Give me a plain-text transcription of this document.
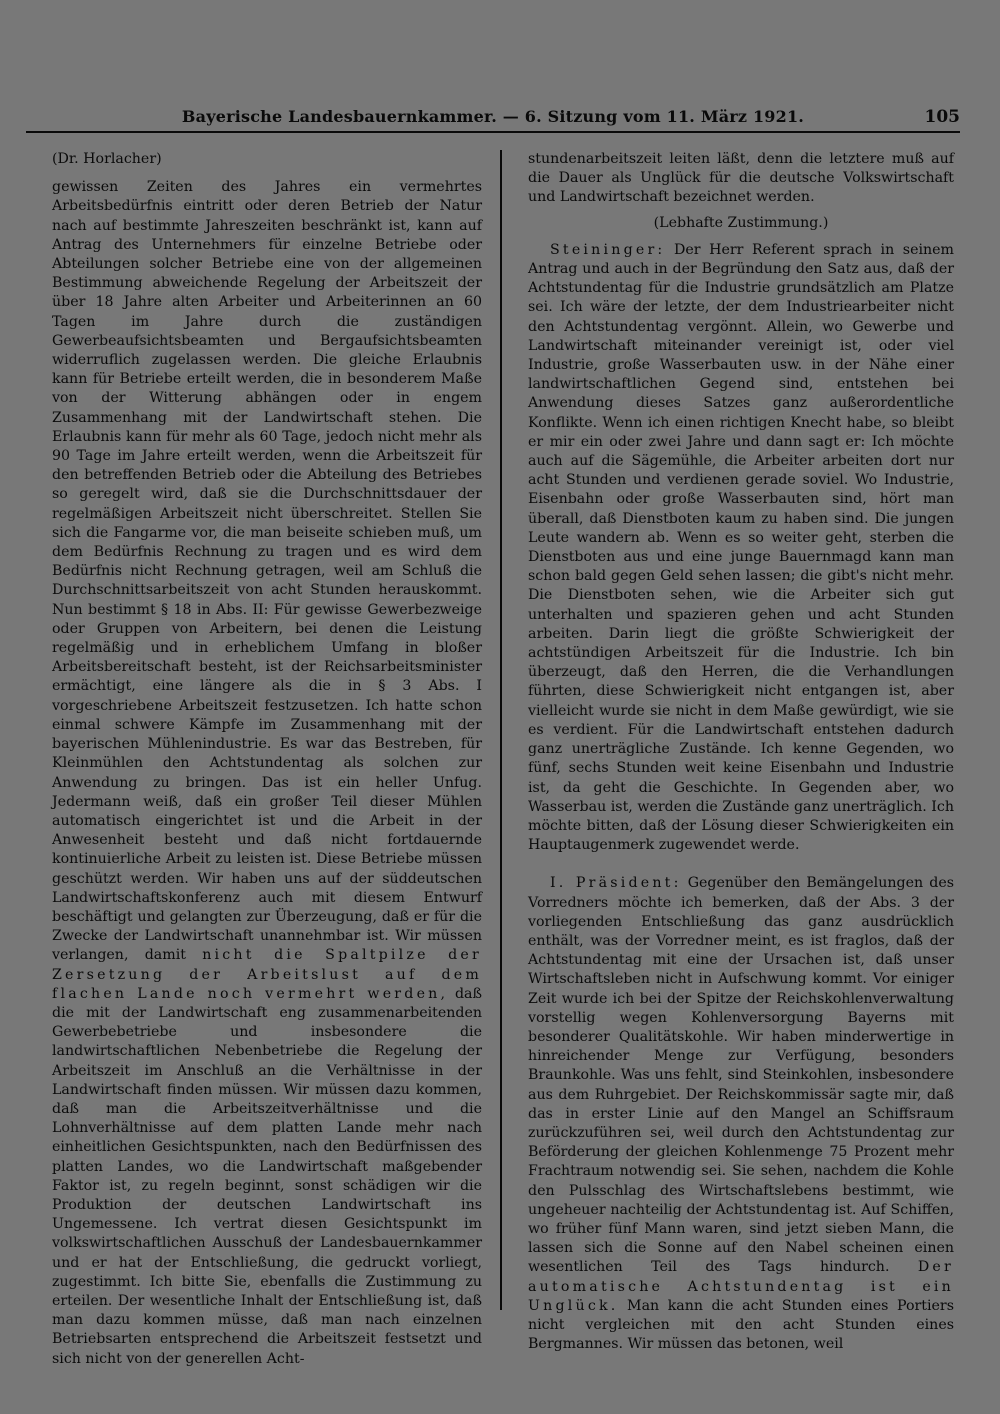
Bayerische Landesbauernkammer. — 6. Sitzung vom 11. März 1921.	105

(Dr. Horlacher)

gewissen Zeiten des Jahres ein vermehrtes Arbeitsbedürfnis eintritt oder deren Betrieb der Natur nach auf bestimmte Jahreszeiten beschränkt ist, kann auf Antrag des Unternehmers für einzelne Betriebe oder Abteilungen solcher Betriebe eine von der allgemeinen Bestimmung abweichende Regelung der Arbeitszeit der über 18 Jahre alten Arbeiter und Arbeiterinnen an 60 Tagen im Jahre durch die zuständigen Gewerbeaufsichtsbeamten und Bergaufsichtsbeamten widerruflich zugelassen werden. Die gleiche Erlaubnis kann für Betriebe erteilt werden, die in besonderem Maße von der Witterung abhängen oder in engem Zusammenhang mit der Landwirtschaft stehen. Die Erlaubnis kann für mehr als 60 Tage, jedoch nicht mehr als 90 Tage im Jahre erteilt werden, wenn die Arbeitszeit für den betreffenden Betrieb oder die Abteilung des Betriebes so geregelt wird, daß sie die Durchschnittsdauer der regelmäßigen Arbeitszeit nicht überschreitet. Stellen Sie sich die Fangarme vor, die man beiseite schieben muß, um dem Bedürfnis Rechnung zu tragen und es wird dem Bedürfnis nicht Rechnung getragen, weil am Schluß die Durchschnittsarbeitszeit von acht Stunden herauskommt. Nun bestimmt § 18 in Abs. II: Für gewisse Gewerbezweige oder Gruppen von Arbeitern, bei denen die Leistung regelmäßig und in erheblichem Umfang in bloßer Arbeitsbereitschaft besteht, ist der Reichsarbeitsminister ermächtigt, eine längere als die in § 3 Abs. I vorgeschriebene Arbeitszeit festzusetzen. Ich hatte schon einmal schwere Kämpfe im Zusammenhang mit der bayerischen Mühlenindustrie. Es war das Bestreben, für Kleinmühlen den Achtstundentag als solchen zur Anwendung zu bringen. Das ist ein heller Unfug. Jedermann weiß, daß ein großer Teil dieser Mühlen automatisch eingerichtet ist und die Arbeit in der Anwesenheit besteht und daß nicht fortdauernde kontinuierliche Arbeit zu leisten ist. Diese Betriebe müssen geschützt werden. Wir haben uns auf der süddeutschen Landwirtschaftskonferenz auch mit diesem Entwurf beschäftigt und gelangten zur Überzeugung, daß er für die Zwecke der Landwirtschaft unannehmbar ist. Wir müssen verlangen, damit nicht die Spaltpilze der Zersetzung der Arbeitslust auf dem flachen Lande noch vermehrt werden, daß die mit der Landwirtschaft eng zusammenarbeitenden Gewerbebetriebe und insbesondere die landwirtschaftlichen Nebenbetriebe die Regelung der Arbeitszeit im Anschluß an die Verhältnisse in der Landwirtschaft finden müssen. Wir müssen dazu kommen, daß man die Arbeitszeitverhältnisse und die Lohnverhältnisse auf dem platten Lande mehr nach einheitlichen Gesichtspunkten, nach den Bedürfnissen des platten Landes, wo die Landwirtschaft maßgebender Faktor ist, zu regeln beginnt, sonst schädigen wir die Produktion der deutschen Landwirtschaft ins Ungemessene. Ich vertrat diesen Gesichtspunkt im volkswirtschaftlichen Ausschuß der Landesbauernkammer und er hat der Entschließung, die gedruckt vorliegt, zugestimmt. Ich bitte Sie, ebenfalls die Zustimmung zu erteilen. Der wesentliche Inhalt der Entschließung ist, daß man dazu kommen müsse, daß man nach einzelnen Betriebsarten entsprechend die Arbeitszeit festsetzt und sich nicht von der generellen Acht-

stundenarbeitszeit leiten läßt, denn die letztere muß auf die Dauer als Unglück für die deutsche Volkswirtschaft und Landwirtschaft bezeichnet werden.

(Lebhafte Zustimmung.)

Steininger: Der Herr Referent sprach in seinem Antrag und auch in der Begründung den Satz aus, daß der Achtstundentag für die Industrie grundsätzlich am Platze sei. Ich wäre der letzte, der dem Industriearbeiter nicht den Achtstundentag vergönnt. Allein, wo Gewerbe und Landwirtschaft miteinander vereinigt ist, oder viel Industrie, große Wasserbauten usw. in der Nähe einer landwirtschaftlichen Gegend sind, entstehen bei Anwendung dieses Satzes ganz außerordentliche Konflikte. Wenn ich einen richtigen Knecht habe, so bleibt er mir ein oder zwei Jahre und dann sagt er: Ich möchte auch auf die Sägemühle, die Arbeiter arbeiten dort nur acht Stunden und verdienen gerade soviel. Wo Industrie, Eisenbahn oder große Wasserbauten sind, hört man überall, daß Dienstboten kaum zu haben sind. Die jungen Leute wandern ab. Wenn es so weiter geht, sterben die Dienstboten aus und eine junge Bauernmagd kann man schon bald gegen Geld sehen lassen; die gibt's nicht mehr. Die Dienstboten sehen, wie die Arbeiter sich gut unterhalten und spazieren gehen und acht Stunden arbeiten. Darin liegt die größte Schwierigkeit der achtstündigen Arbeitszeit für die Industrie. Ich bin überzeugt, daß den Herren, die die Verhandlungen führten, diese Schwierigkeit nicht entgangen ist, aber vielleicht wurde sie nicht in dem Maße gewürdigt, wie sie es verdient. Für die Landwirtschaft entstehen dadurch ganz unerträgliche Zustände. Ich kenne Gegenden, wo fünf, sechs Stunden weit keine Eisenbahn und Industrie ist, da geht die Geschichte. In Gegenden aber, wo Wasserbau ist, werden die Zustände ganz unerträglich. Ich möchte bitten, daß der Lösung dieser Schwierigkeiten ein Hauptaugenmerk zugewendet werde.

I. Präsident: Gegenüber den Bemängelungen des Vorredners möchte ich bemerken, daß der Abs. 3 der vorliegenden Entschließung das ganz ausdrücklich enthält, was der Vorredner meint, es ist fraglos, daß der Achtstundentag mit eine der Ursachen ist, daß unser Wirtschaftsleben nicht in Aufschwung kommt. Vor einiger Zeit wurde ich bei der Spitze der Reichskohlenverwaltung vorstellig wegen Kohlenversorgung Bayerns mit besonderer Qualitätskohle. Wir haben minderwertige in hinreichender Menge zur Verfügung, besonders Braunkohle. Was uns fehlt, sind Steinkohlen, insbesondere aus dem Ruhrgebiet. Der Reichskommissär sagte mir, daß das in erster Linie auf den Mangel an Schiffsraum zurückzuführen sei, weil durch den Achtstundentag zur Beförderung der gleichen Kohlenmenge 75 Prozent mehr Frachtraum notwendig sei. Sie sehen, nachdem die Kohle den Pulsschlag des Wirtschaftslebens bestimmt, wie ungeheuer nachteilig der Achtstundentag ist. Auf Schiffen, wo früher fünf Mann waren, sind jetzt sieben Mann, die lassen sich die Sonne auf den Nabel scheinen einen wesentlichen Teil des Tags hindurch. Der automatische Achtstundentag ist ein Unglück. Man kann die acht Stunden eines Portiers nicht vergleichen mit den acht Stunden eines Bergmannes. Wir müssen das betonen, weil
